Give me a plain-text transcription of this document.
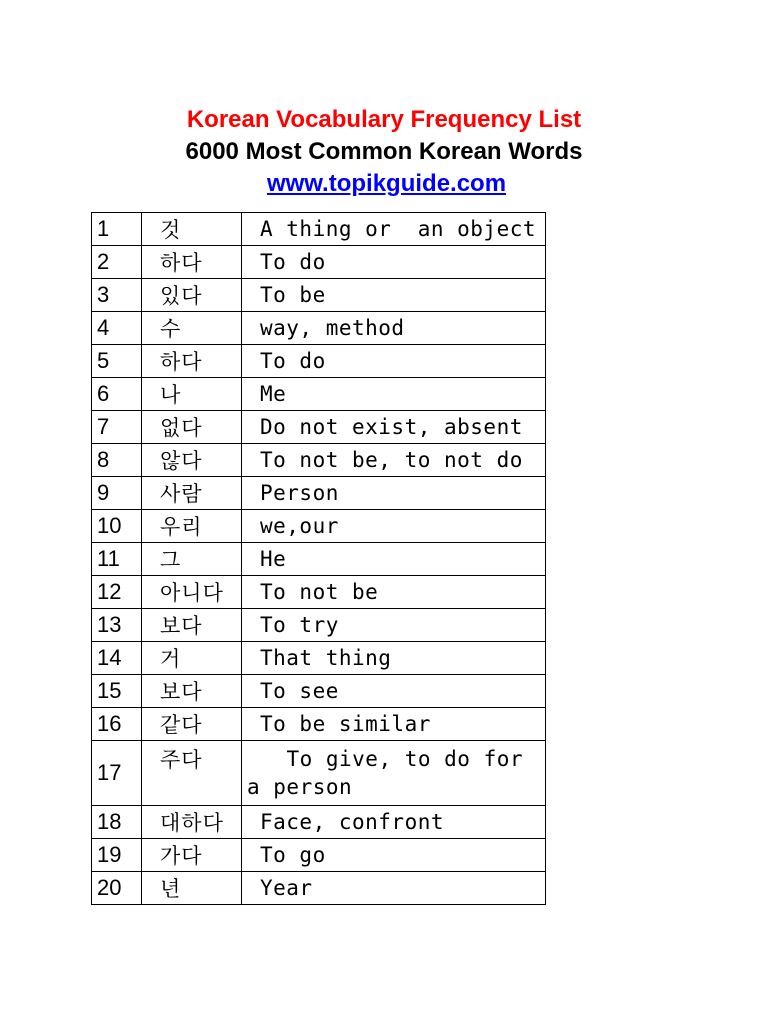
Korean Vocabulary Frequency List
6000 Most Common Korean Words
www.topikguide.com
1	것	A thing or  an object
2	하다	To do
3	있다	To be
4	수	way, method
5	하다	To do
6	나	Me
7	없다	Do not exist, absent
8	않다	To not be, to not do
9	사람	Person
10	우리	we,our
11	그	He
12	아니다	To not be
13	보다	To try
14	거	That thing
15	보다	To see
16	같다	To be similar
17	주다	To give, to do for a person
18	대하다	Face, confront
19	가다	To go
20	년	Year
